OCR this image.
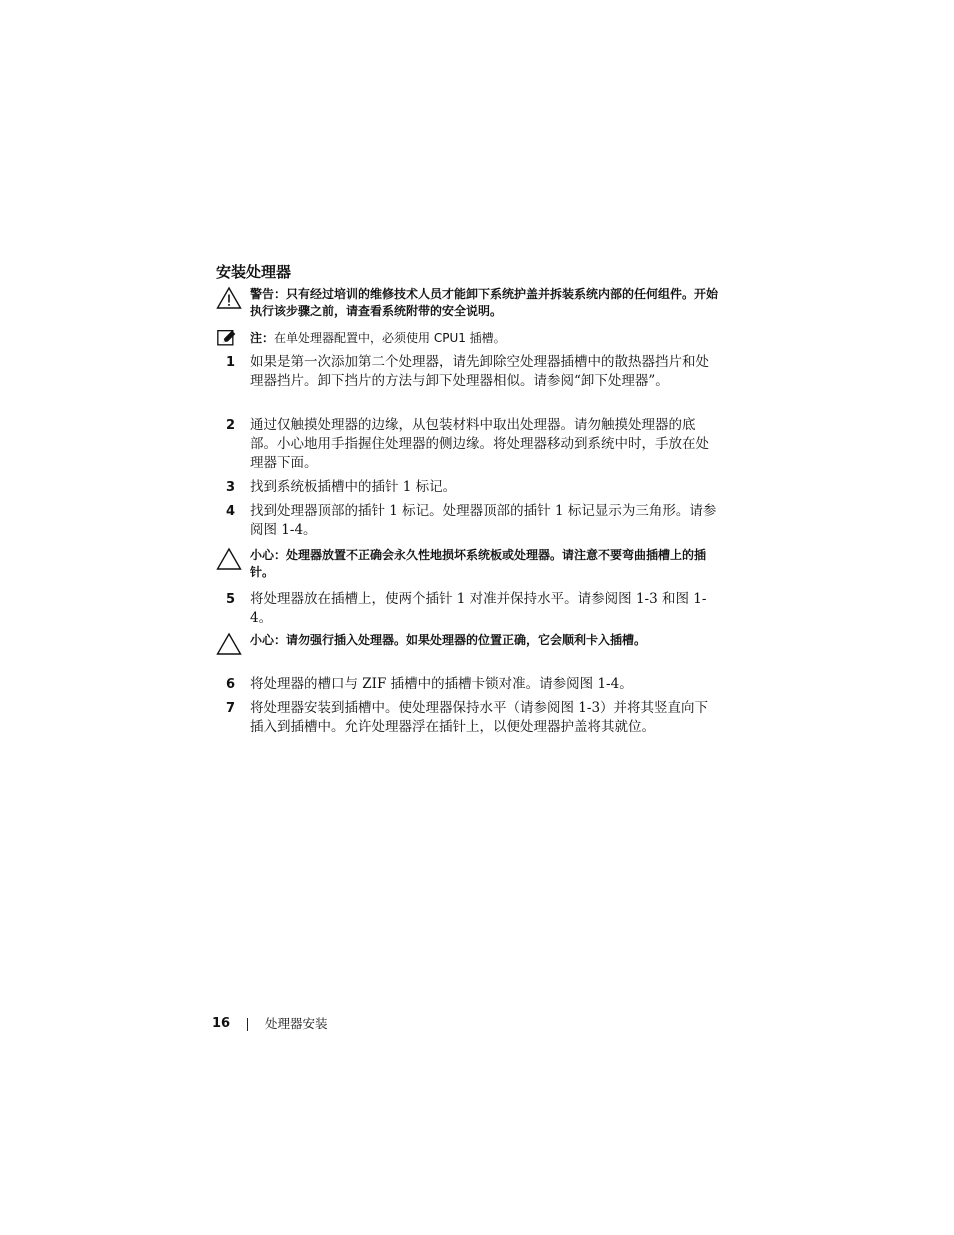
安装处理器
警告：只有经过培训的维修技术人员才能卸下系统护盖并拆装系统内部的任何组件。开始执行该步骤之前，请查看系统附带的安全说明。
注：在单处理器配置中，必须使用 CPU1 插槽。
1 如果是第一次添加第二个处理器，请先卸除空处理器插槽中的散热器挡片和处理器挡片。卸下挡片的方法与卸下处理器相似。请参阅“卸下处理器”。
2 通过仅触摸处理器的边缘，从包装材料中取出处理器。请勿触摸处理器的底部。小心地用手指握住处理器的侧边缘。将处理器移动到系统中时，手放在处理器下面。
3 找到系统板插槽中的插针 1 标记。
4 找到处理器顶部的插针 1 标记。处理器顶部的插针 1 标记显示为三角形。请参阅图 1-4。
小心：处理器放置不正确会永久性地损坏系统板或处理器。请注意不要弯曲插槽上的插针。
5 将处理器放在插槽上，使两个插针 1 对准并保持水平。请参阅图 1-3 和图 1-4。
小心：请勿强行插入处理器。如果处理器的位置正确，它会顺利卡入插槽。
6 将处理器的槽口与 ZIF 插槽中的插槽卡锁对准。请参阅图 1-4。
7 将处理器安装到插槽中。使处理器保持水平（请参阅图 1-3）并将其竖直向下插入到插槽中。允许处理器浮在插针上，以便处理器护盖将其就位。
16	处理器安装
